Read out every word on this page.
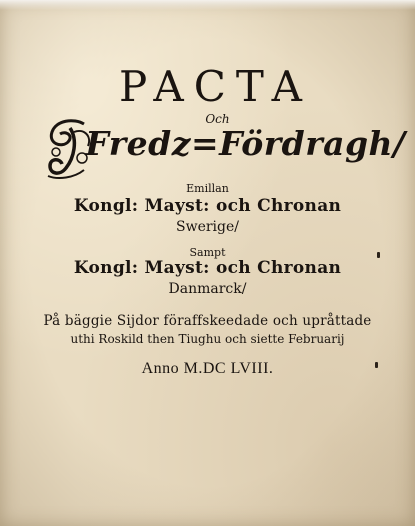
PACTA
Och
Fredz=Fördragh/
Emillan
Kongl: Mayst: och Chronan
Swerige/
Sampt
Kongl: Mayst: och Chronan
Danmarck/
På bäggie Sijdor föraffskeedade och upråttade
uthi Roskild then Tiughu och siette Februarij
Anno M.DC LVIII.
